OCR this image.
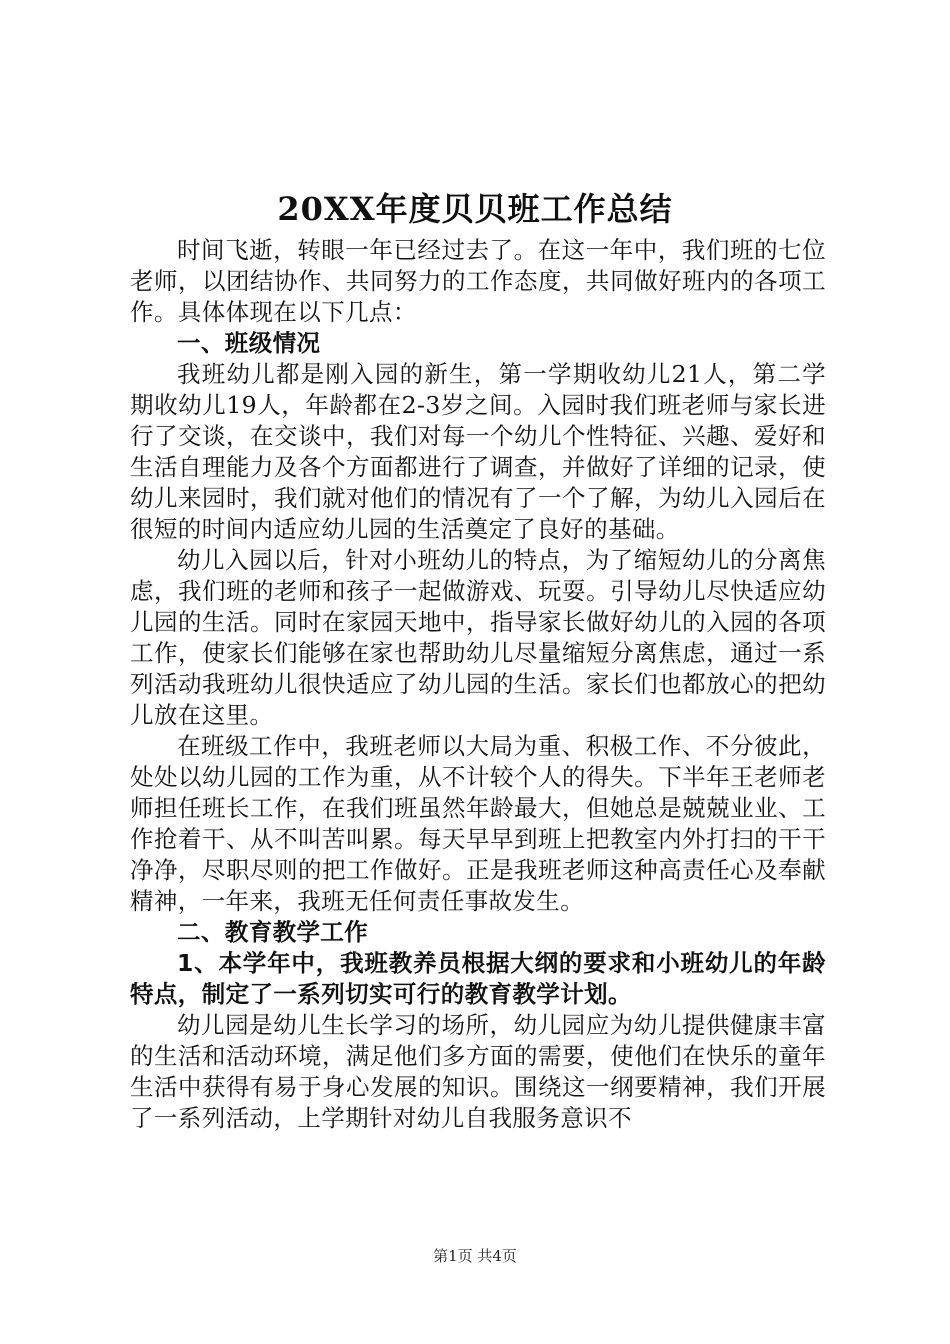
20XX年度贝贝班工作总结

时间飞逝，转眼一年已经过去了。在这一年中，我们班的七位老师，以团结协作、共同努力的工作态度，共同做好班内的各项工作。具体体现在以下几点：

一、班级情况

我班幼儿都是刚入园的新生，第一学期收幼儿21人，第二学期收幼儿19人，年龄都在2-3岁之间。入园时我们班老师与家长进行了交谈，在交谈中，我们对每一个幼儿个性特征、兴趣、爱好和生活自理能力及各个方面都进行了调查，并做好了详细的记录，使幼儿来园时，我们就对他们的情况有了一个了解，为幼儿入园后在很短的时间内适应幼儿园的生活奠定了良好的基础。

幼儿入园以后，针对小班幼儿的特点，为了缩短幼儿的分离焦虑，我们班的老师和孩子一起做游戏、玩耍。引导幼儿尽快适应幼儿园的生活。同时在家园天地中，指导家长做好幼儿的入园的各项工作，使家长们能够在家也帮助幼儿尽量缩短分离焦虑，通过一系列活动我班幼儿很快适应了幼儿园的生活。家长们也都放心的把幼儿放在这里。

在班级工作中，我班老师以大局为重、积极工作、不分彼此，处处以幼儿园的工作为重，从不计较个人的得失。下半年王老师老师担任班长工作，在我们班虽然年龄最大，但她总是兢兢业业、工作抢着干、从不叫苦叫累。每天早早到班上把教室内外打扫的干干净净，尽职尽则的把工作做好。正是我班老师这种高责任心及奉献精神，一年来，我班无任何责任事故发生。

二、教育教学工作

1、本学年中，我班教养员根据大纲的要求和小班幼儿的年龄特点，制定了一系列切实可行的教育教学计划。

幼儿园是幼儿生长学习的场所，幼儿园应为幼儿提供健康丰富的生活和活动环境，满足他们多方面的需要，使他们在快乐的童年生活中获得有易于身心发展的知识。围绕这一纲要精神，我们开展了一系列活动，上学期针对幼儿自我服务意识不

第1页 共4页
